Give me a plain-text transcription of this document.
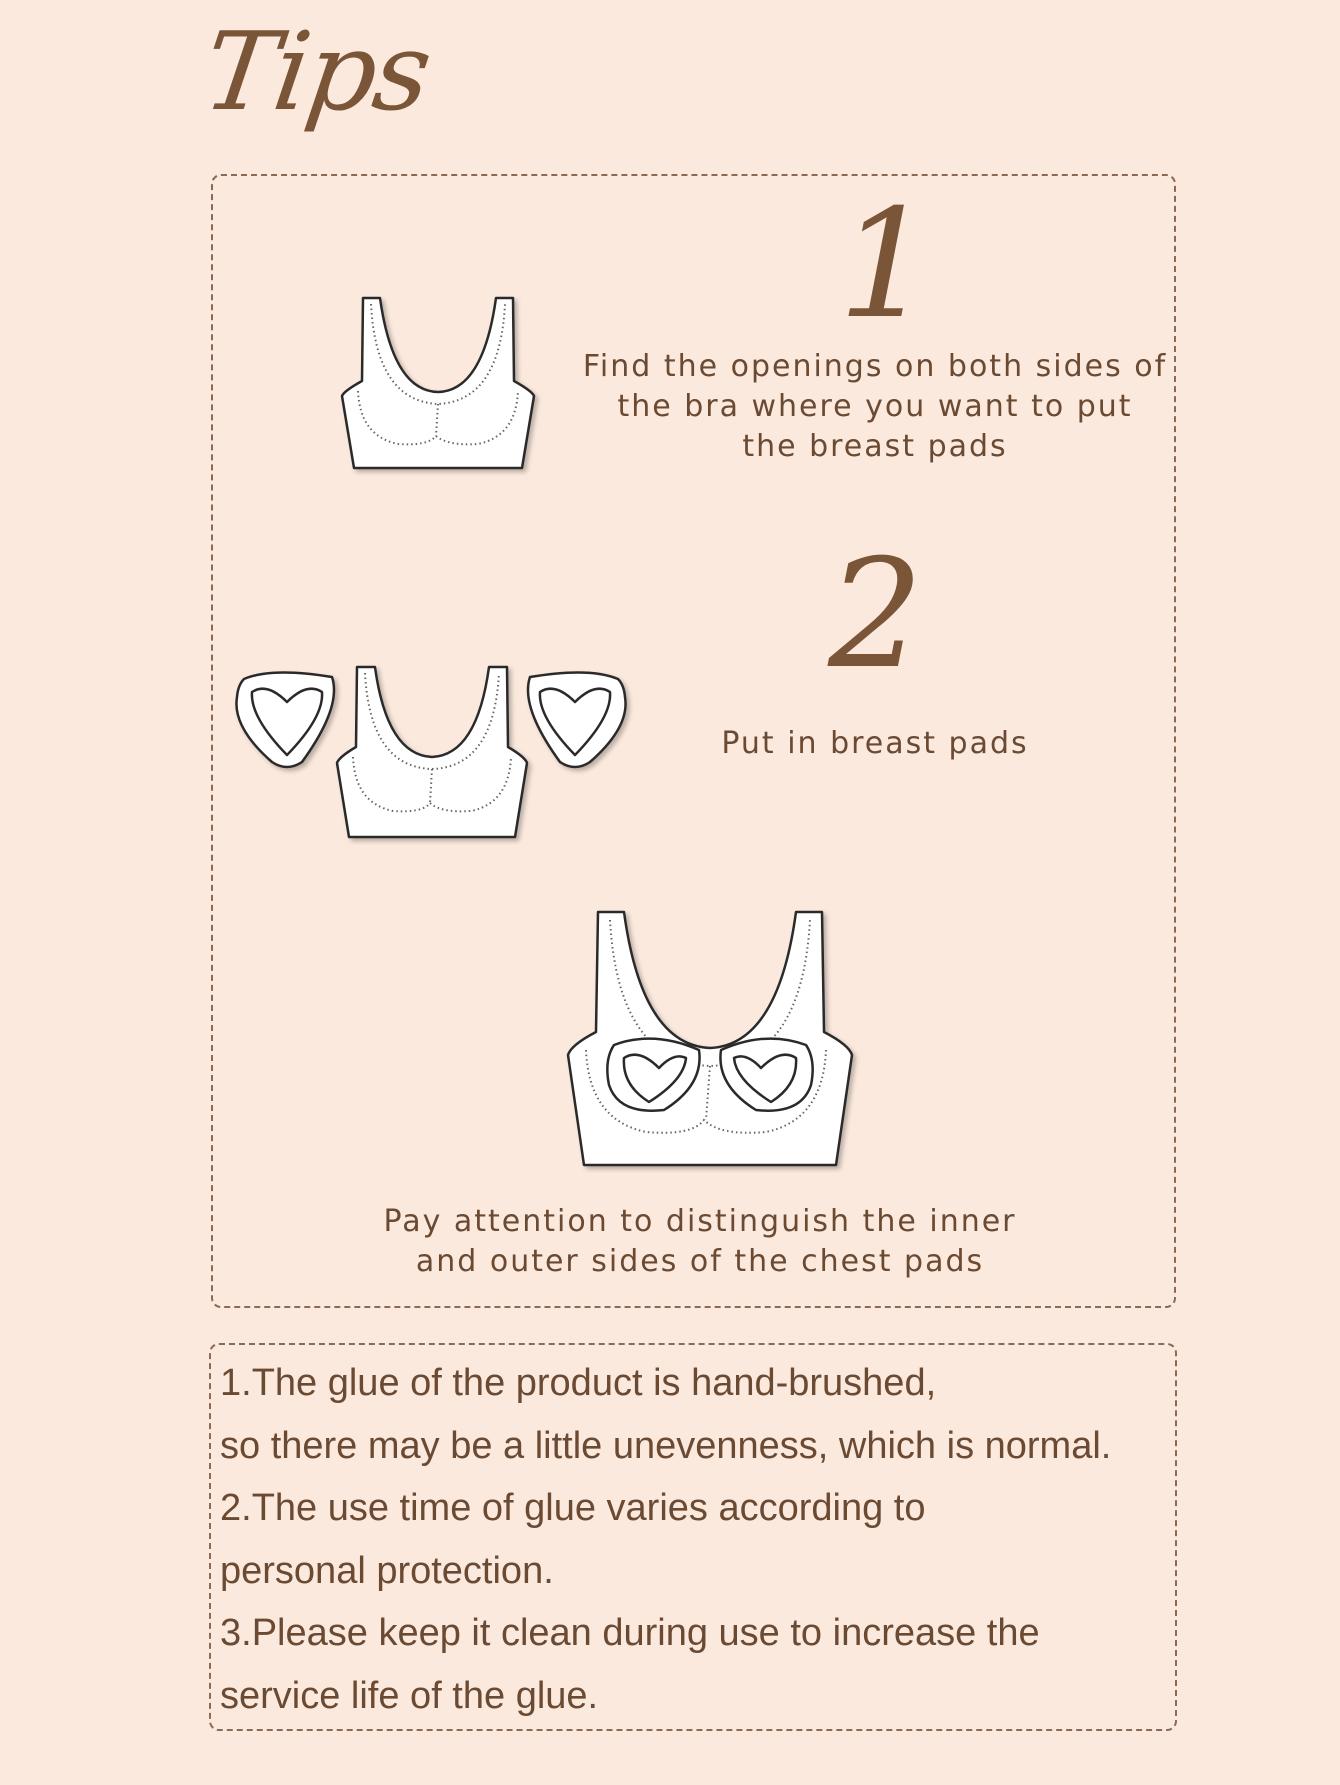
Tips
1
Find the openings on both sides of
the bra where you want to put
the breast pads
2
Put in breast pads
Pay attention to distinguish the inner
and outer sides of the chest pads
1.The glue of the product is hand-brushed,
so there may be a little unevenness, which is normal.
2.The use time of glue varies according to
personal protection.
3.Please keep it clean during use to increase the
service life of the glue.
